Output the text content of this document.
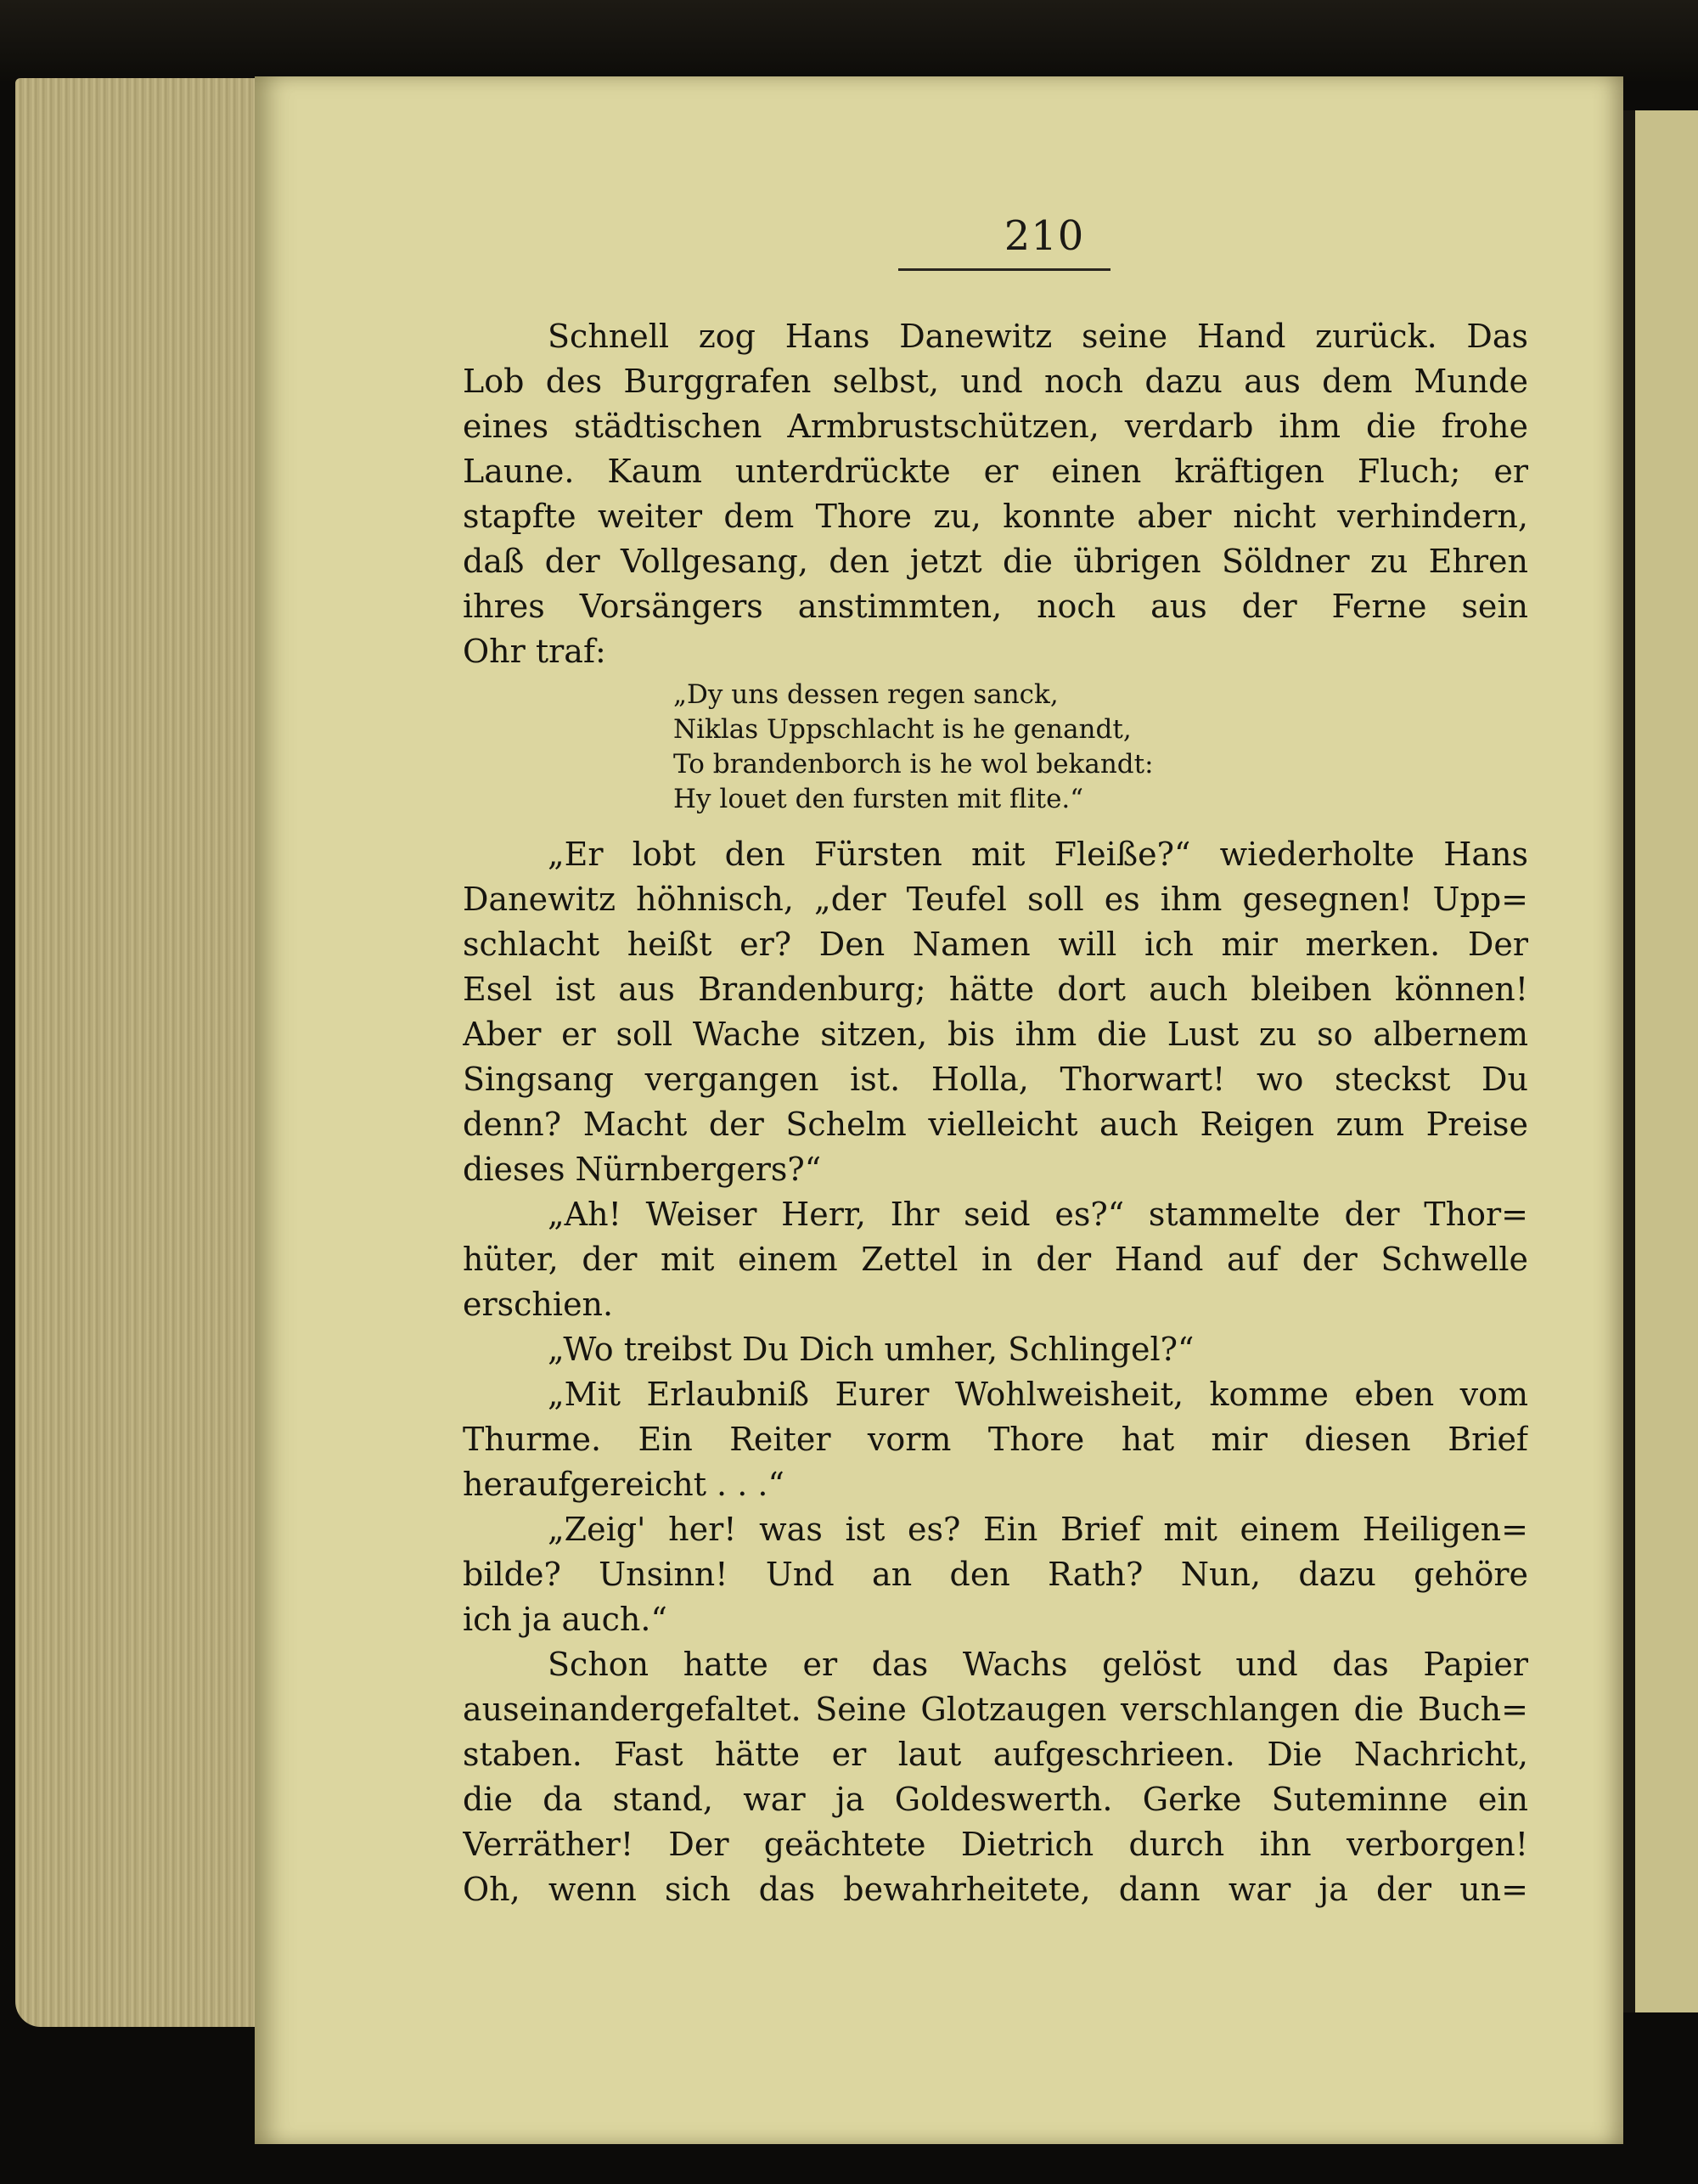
210
Schnell zog Hans Danewitz seine Hand zurück. Das
Lob des Burggrafen selbst, und noch dazu aus dem Munde
eines städtischen Armbrustschützen, verdarb ihm die frohe
Laune. Kaum unterdrückte er einen kräftigen Fluch; er
stapfte weiter dem Thore zu, konnte aber nicht verhindern,
daß der Vollgesang, den jetzt die übrigen Söldner zu Ehren
ihres Vorsängers anstimmten, noch aus der Ferne sein
Ohr traf:
„Dy uns dessen regen sanck,
Niklas Uppschlacht is he genandt,
To brandenborch is he wol bekandt:
Hy louet den fursten mit flite.“
„Er lobt den Fürsten mit Fleiße?“ wiederholte Hans
Danewitz höhnisch, „der Teufel soll es ihm gesegnen! Upp=
schlacht heißt er? Den Namen will ich mir merken. Der
Esel ist aus Brandenburg; hätte dort auch bleiben können!
Aber er soll Wache sitzen, bis ihm die Lust zu so albernem
Singsang vergangen ist. Holla, Thorwart! wo steckst Du
denn? Macht der Schelm vielleicht auch Reigen zum Preise
dieses Nürnbergers?“
„Ah! Weiser Herr, Ihr seid es?“ stammelte der Thor=
hüter, der mit einem Zettel in der Hand auf der Schwelle
erschien.
„Wo treibst Du Dich umher, Schlingel?“
„Mit Erlaubniß Eurer Wohlweisheit, komme eben vom
Thurme. Ein Reiter vorm Thore hat mir diesen Brief
heraufgereicht . . .“
„Zeig' her! was ist es? Ein Brief mit einem Heiligen=
bilde? Unsinn! Und an den Rath? Nun, dazu gehöre
ich ja auch.“
Schon hatte er das Wachs gelöst und das Papier
auseinandergefaltet. Seine Glotzaugen verschlangen die Buch=
staben. Fast hätte er laut aufgeschrieen. Die Nachricht,
die da stand, war ja Goldeswerth. Gerke Suteminne ein
Verräther! Der geächtete Dietrich durch ihn verborgen!
Oh, wenn sich das bewahrheitete, dann war ja der un=
